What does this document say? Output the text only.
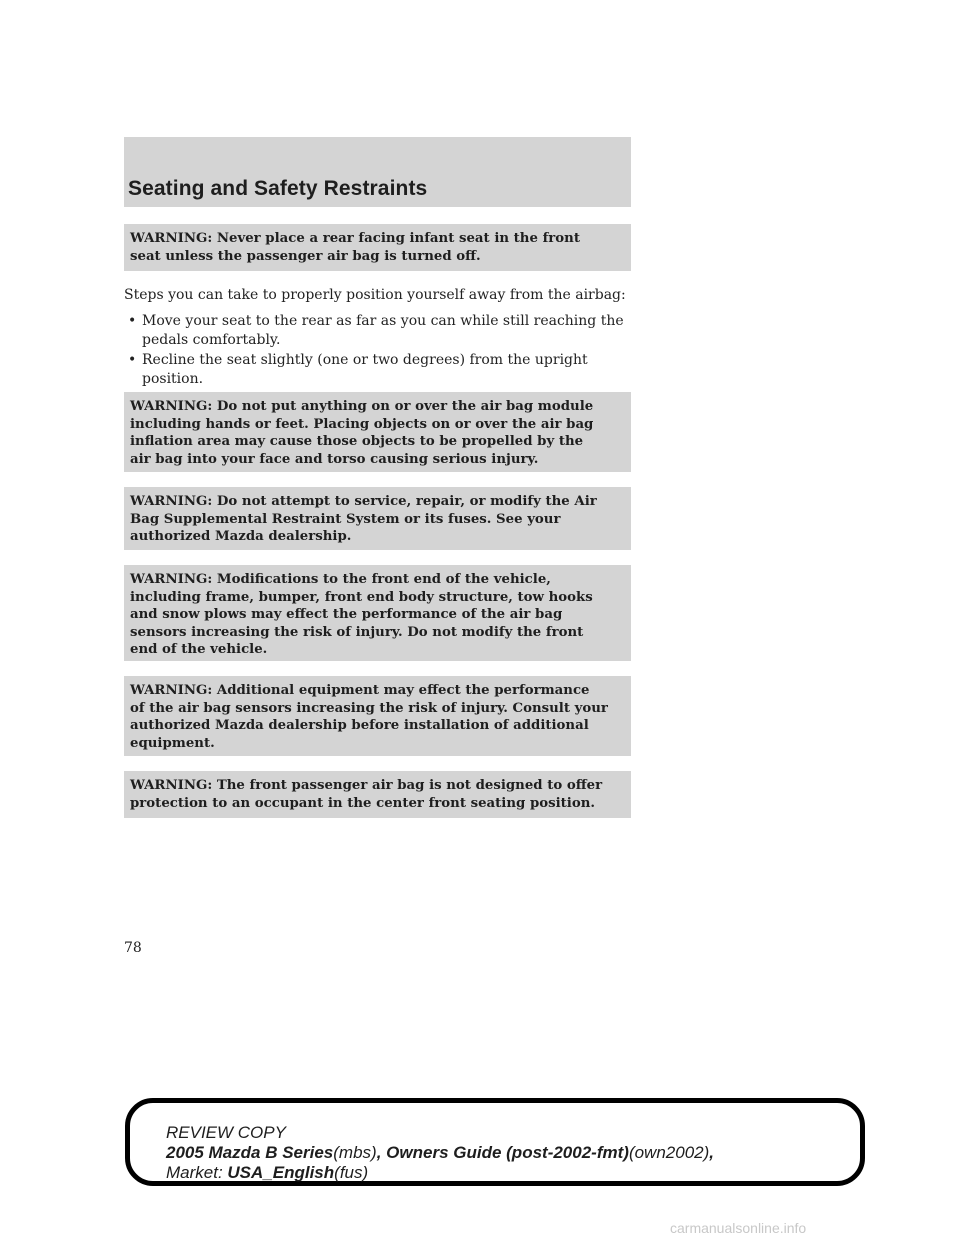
Seating and Safety Restraints

WARNING: Never place a rear facing infant seat in the front

seat unless the passenger air bag is turned off.

Steps you can take to properly position yourself away from the airbag:
• Move your seat to the rear as far as you can while still reaching the

pedals comfortably.

• Recline the seat slightly (one or two degrees) from the upright

position.

WARNING: Do not put anything on or over the air bag module

including hands or feet. Placing objects on or over the air bag

inflation area may cause those objects to be propelled by the

air bag into your face and torso causing serious injury.

WARNING: Do not attempt to service, repair, or modify the Air

Bag Supplemental Restraint System or its fuses. See your

authorized Mazda dealership.

WARNING: Modifications to the front end of the vehicle,

including frame, bumper, front end body structure, tow hooks

and snow plows may effect the performance of the air bag

sensors increasing the risk of injury. Do not modify the front

end of the vehicle.

WARNING: Additional equipment may effect the performance

of the air bag sensors increasing the risk of injury. Consult your

authorized Mazda dealership before installation of additional

equipment.

WARNING: The front passenger air bag is not designed to offer

protection to an occupant in the center front seating position.

78
REVIEW COPY
2005 Mazda B Series(mbs), Owners Guide (post-2002-fmt)(own2002),
Market: USA_English(fus)
carmanualsonline.info
